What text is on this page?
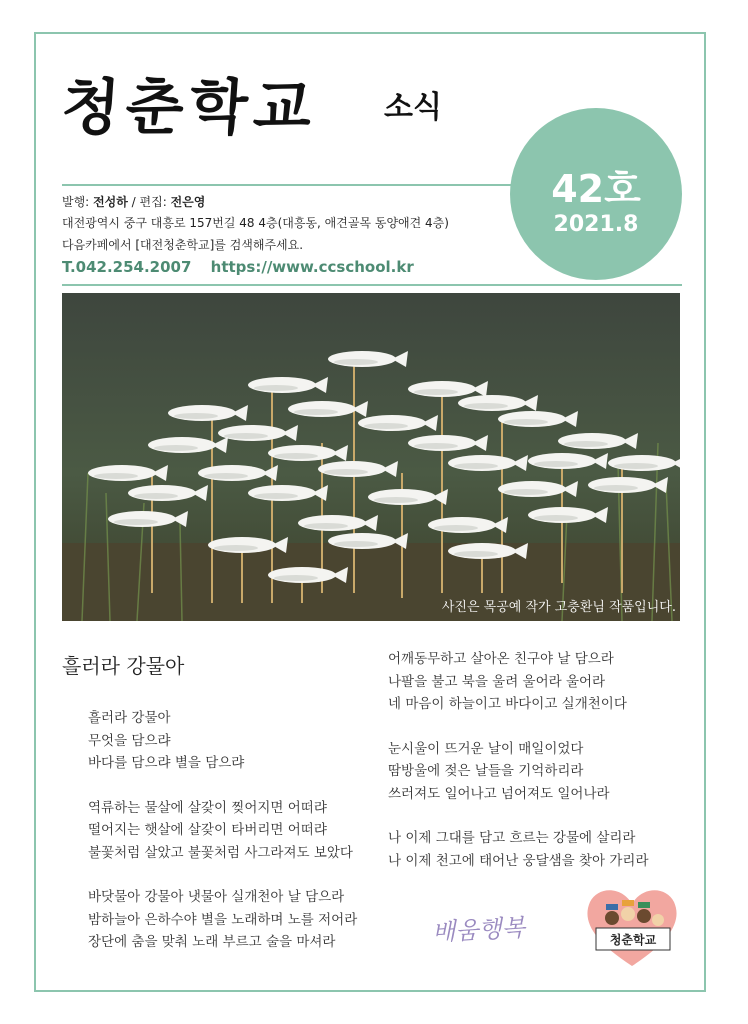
청춘학교 소식
42호
2021.8
발행: 전성하 / 편집: 전은영
대전광역시 중구 대흥로 157번길 48 4층(대흥동, 애견골목 동양애견 4층)
다음카페에서 [대전청춘학교]를 검색해주세요.
T.042.254.2007 https://www.ccschool.kr
사진은 목공예 작가 고충환님 작품입니다.
흘러라 강물아
흘러라 강물아
무엇을 담으랴
바다를 담으랴 별을 담으랴
역류하는 물살에 살갗이 찢어지면 어떠랴
떨어지는 햇살에 살갗이 타버리면 어떠랴
불꽃처럼 살았고 불꽃처럼 사그라져도 보았다
바닷물아 강물아 냇물아 실개천아 날 담으라
밤하늘아 은하수야 별을 노래하며 노를 저어라
장단에 춤을 맞춰 노래 부르고 술을 마셔라
어깨동무하고 살아온 친구야 날 담으라
나팔을 불고 북을 울려 울어라 울어라
네 마음이 하늘이고 바다이고 실개천이다
눈시울이 뜨거운 날이 매일이었다
땀방울에 젖은 날들을 기억하리라
쓰러져도 일어나고 넘어져도 일어나라
나 이제 그대를 담고 흐르는 강물에 살리라
나 이제 천고에 태어난 웅달샘을 찾아 가리라
배움행복	청춘학교
